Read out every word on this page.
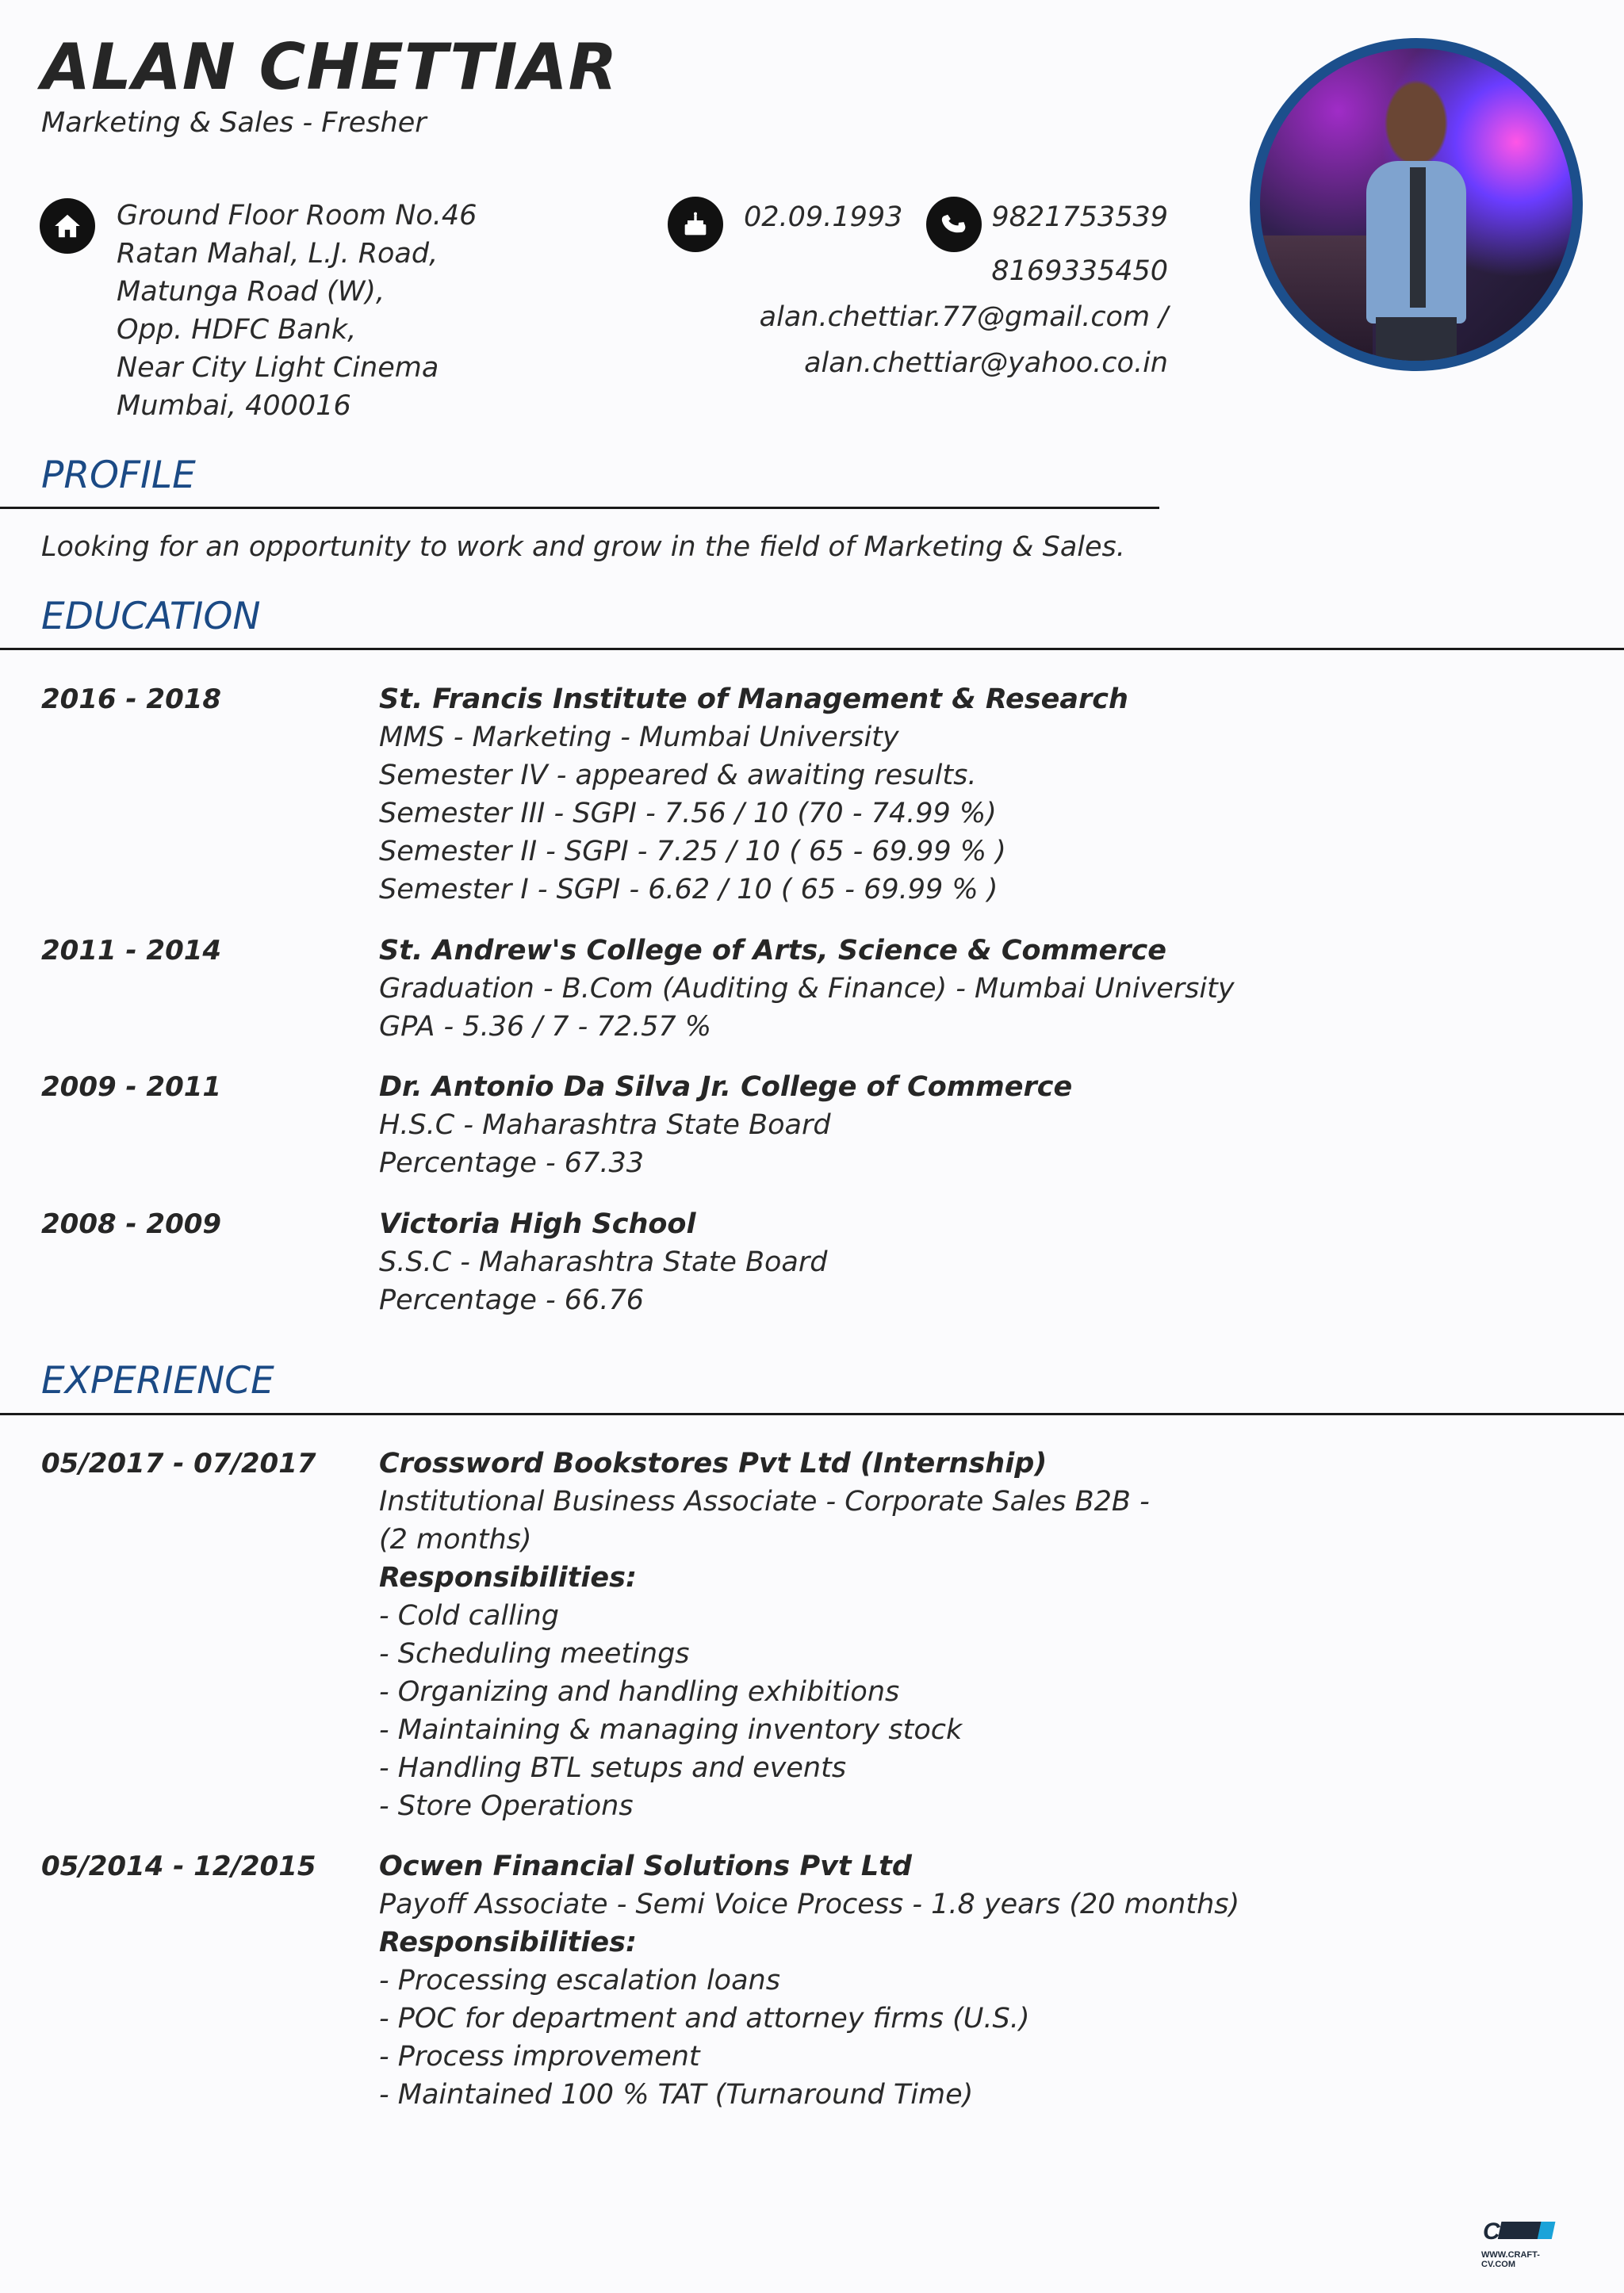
ALAN CHETTIAR
Marketing & Sales - Fresher
Ground Floor Room No.46
Ratan Mahal, L.J. Road,
Matunga Road (W),
Opp. HDFC Bank,
Near City Light Cinema
Mumbai, 400016
02.09.1993	9821753539
8169335450
alan.chettiar.77@gmail.com /
alan.chettiar@yahoo.co.in
PROFILE
Looking for an opportunity to work and grow in the field of Marketing & Sales.
EDUCATION
2016 - 2018	St. Francis Institute of Management & Research
MMS - Marketing - Mumbai University
Semester IV - appeared & awaiting results.
Semester III - SGPI - 7.56 / 10 (70 - 74.99 %)
Semester II - SGPI - 7.25 / 10 ( 65 - 69.99 % )
Semester I - SGPI - 6.62 / 10 ( 65 - 69.99 % )
2011 - 2014	St. Andrew's College of Arts, Science & Commerce
Graduation - B.Com (Auditing & Finance) - Mumbai University
GPA - 5.36 / 7 - 72.57 %
2009 - 2011	Dr. Antonio Da Silva Jr. College of Commerce
H.S.C - Maharashtra State Board
Percentage - 67.33
2008 - 2009	Victoria High School
S.S.C - Maharashtra State Board
Percentage - 66.76
EXPERIENCE
05/2017 - 07/2017 Crossword Bookstores Pvt Ltd (Internship)
Institutional Business Associate - Corporate Sales B2B -
(2 months)
Responsibilities:
- Cold calling
- Scheduling meetings
- Organizing and handling exhibitions
- Maintaining & managing inventory stock
- Handling BTL setups and events
- Store Operations
05/2014 - 12/2015 Ocwen Financial Solutions Pvt Ltd
Payoff Associate - Semi Voice Process - 1.8 years (20 months)
Responsibilities:
- Processing escalation loans
- POC for department and attorney firms (U.S.)
- Process improvement
- Maintained 100 % TAT (Turnaround Time)
C
WWW.CRAFT-CV.COM
